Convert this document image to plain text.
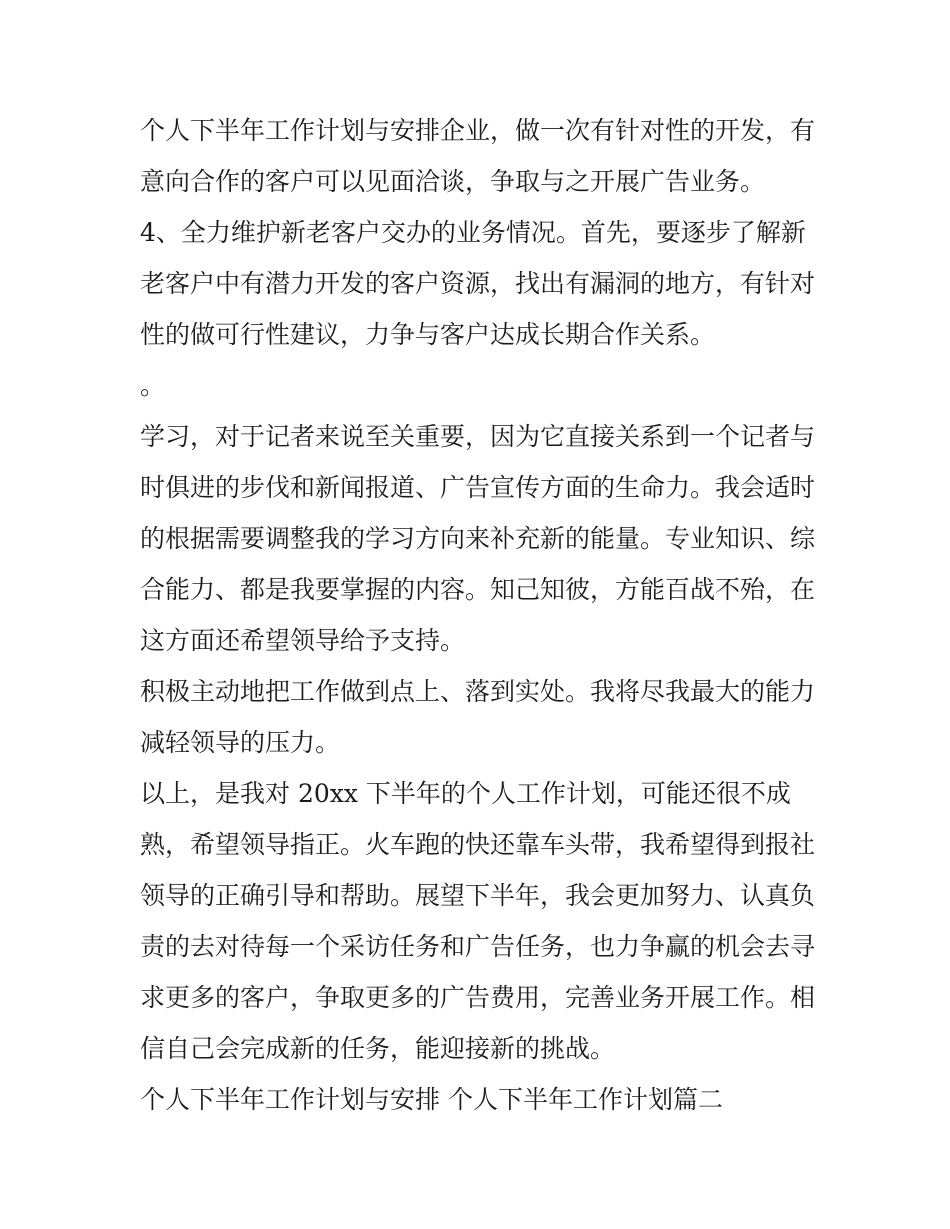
个人下半年工作计划与安排企业，做一次有针对性的开发，有
意向合作的客户可以见面洽谈，争取与之开展广告业务。
4、全力维护新老客户交办的业务情况。首先，要逐步了解新
老客户中有潜力开发的客户资源，找出有漏洞的地方，有针对
性的做可行性建议，力争与客户达成长期合作关系。
。
学习，对于记者来说至关重要，因为它直接关系到一个记者与
时俱进的步伐和新闻报道、广告宣传方面的生命力。我会适时
的根据需要调整我的学习方向来补充新的能量。专业知识、综
合能力、都是我要掌握的内容。知己知彼，方能百战不殆，在
这方面还希望领导给予支持。
积极主动地把工作做到点上、落到实处。我将尽我最大的能力
减轻领导的压力。
以上，是我对 20xx 下半年的个人工作计划，可能还很不成
熟，希望领导指正。火车跑的快还靠车头带，我希望得到报社
领导的正确引导和帮助。展望下半年，我会更加努力、认真负
责的去对待每一个采访任务和广告任务，也力争赢的机会去寻
求更多的客户，争取更多的广告费用，完善业务开展工作。相
信自己会完成新的任务，能迎接新的挑战。
个人下半年工作计划与安排 个人下半年工作计划篇二
